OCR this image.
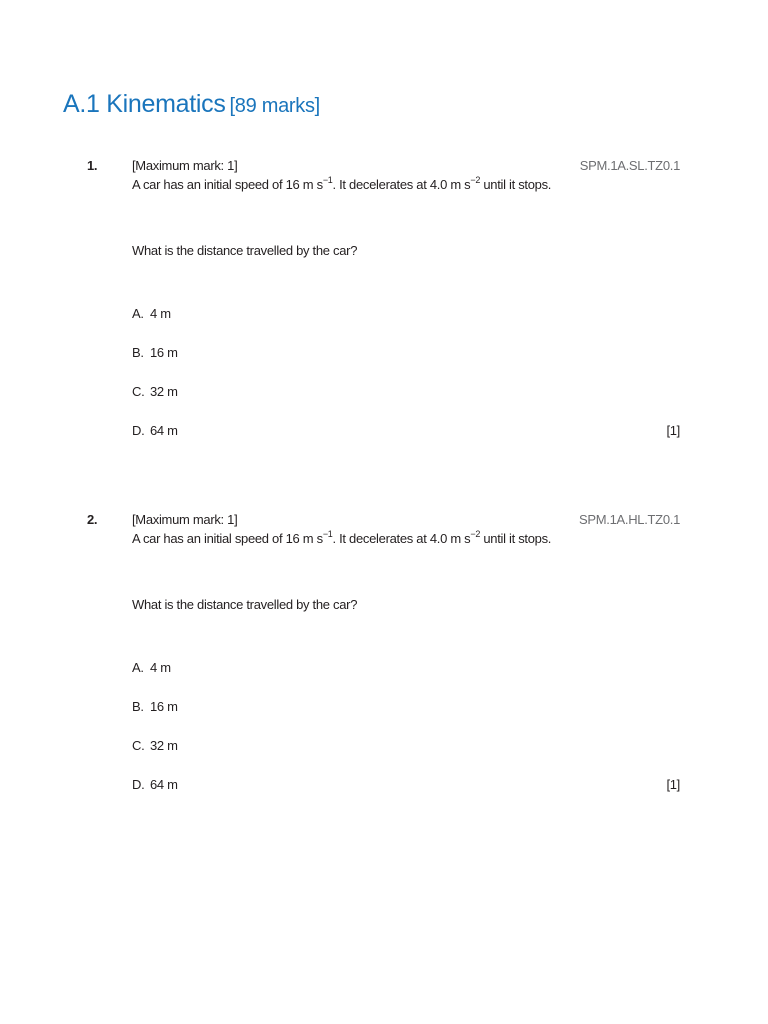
A.1 Kinematics [89 marks]
1.	[Maximum mark: 1]	SPM.1A.SL.TZ0.1
A car has an initial speed of 16 m $s^{-1}$. It decelerates at 4.0 m $s^{-2}$ until it stops.
What is the distance travelled by the car?
A. 4 m
B. 16 m
C. 32 m
D. 64 m	[1]
2.	[Maximum mark: 1]	SPM.1A.HL.TZ0.1
A car has an initial speed of 16 m $s^{-1}$. It decelerates at 4.0 m $s^{-2}$ until it stops.
What is the distance travelled by the car?
A. 4 m
B. 16 m
C. 32 m
D. 64 m	[1]
